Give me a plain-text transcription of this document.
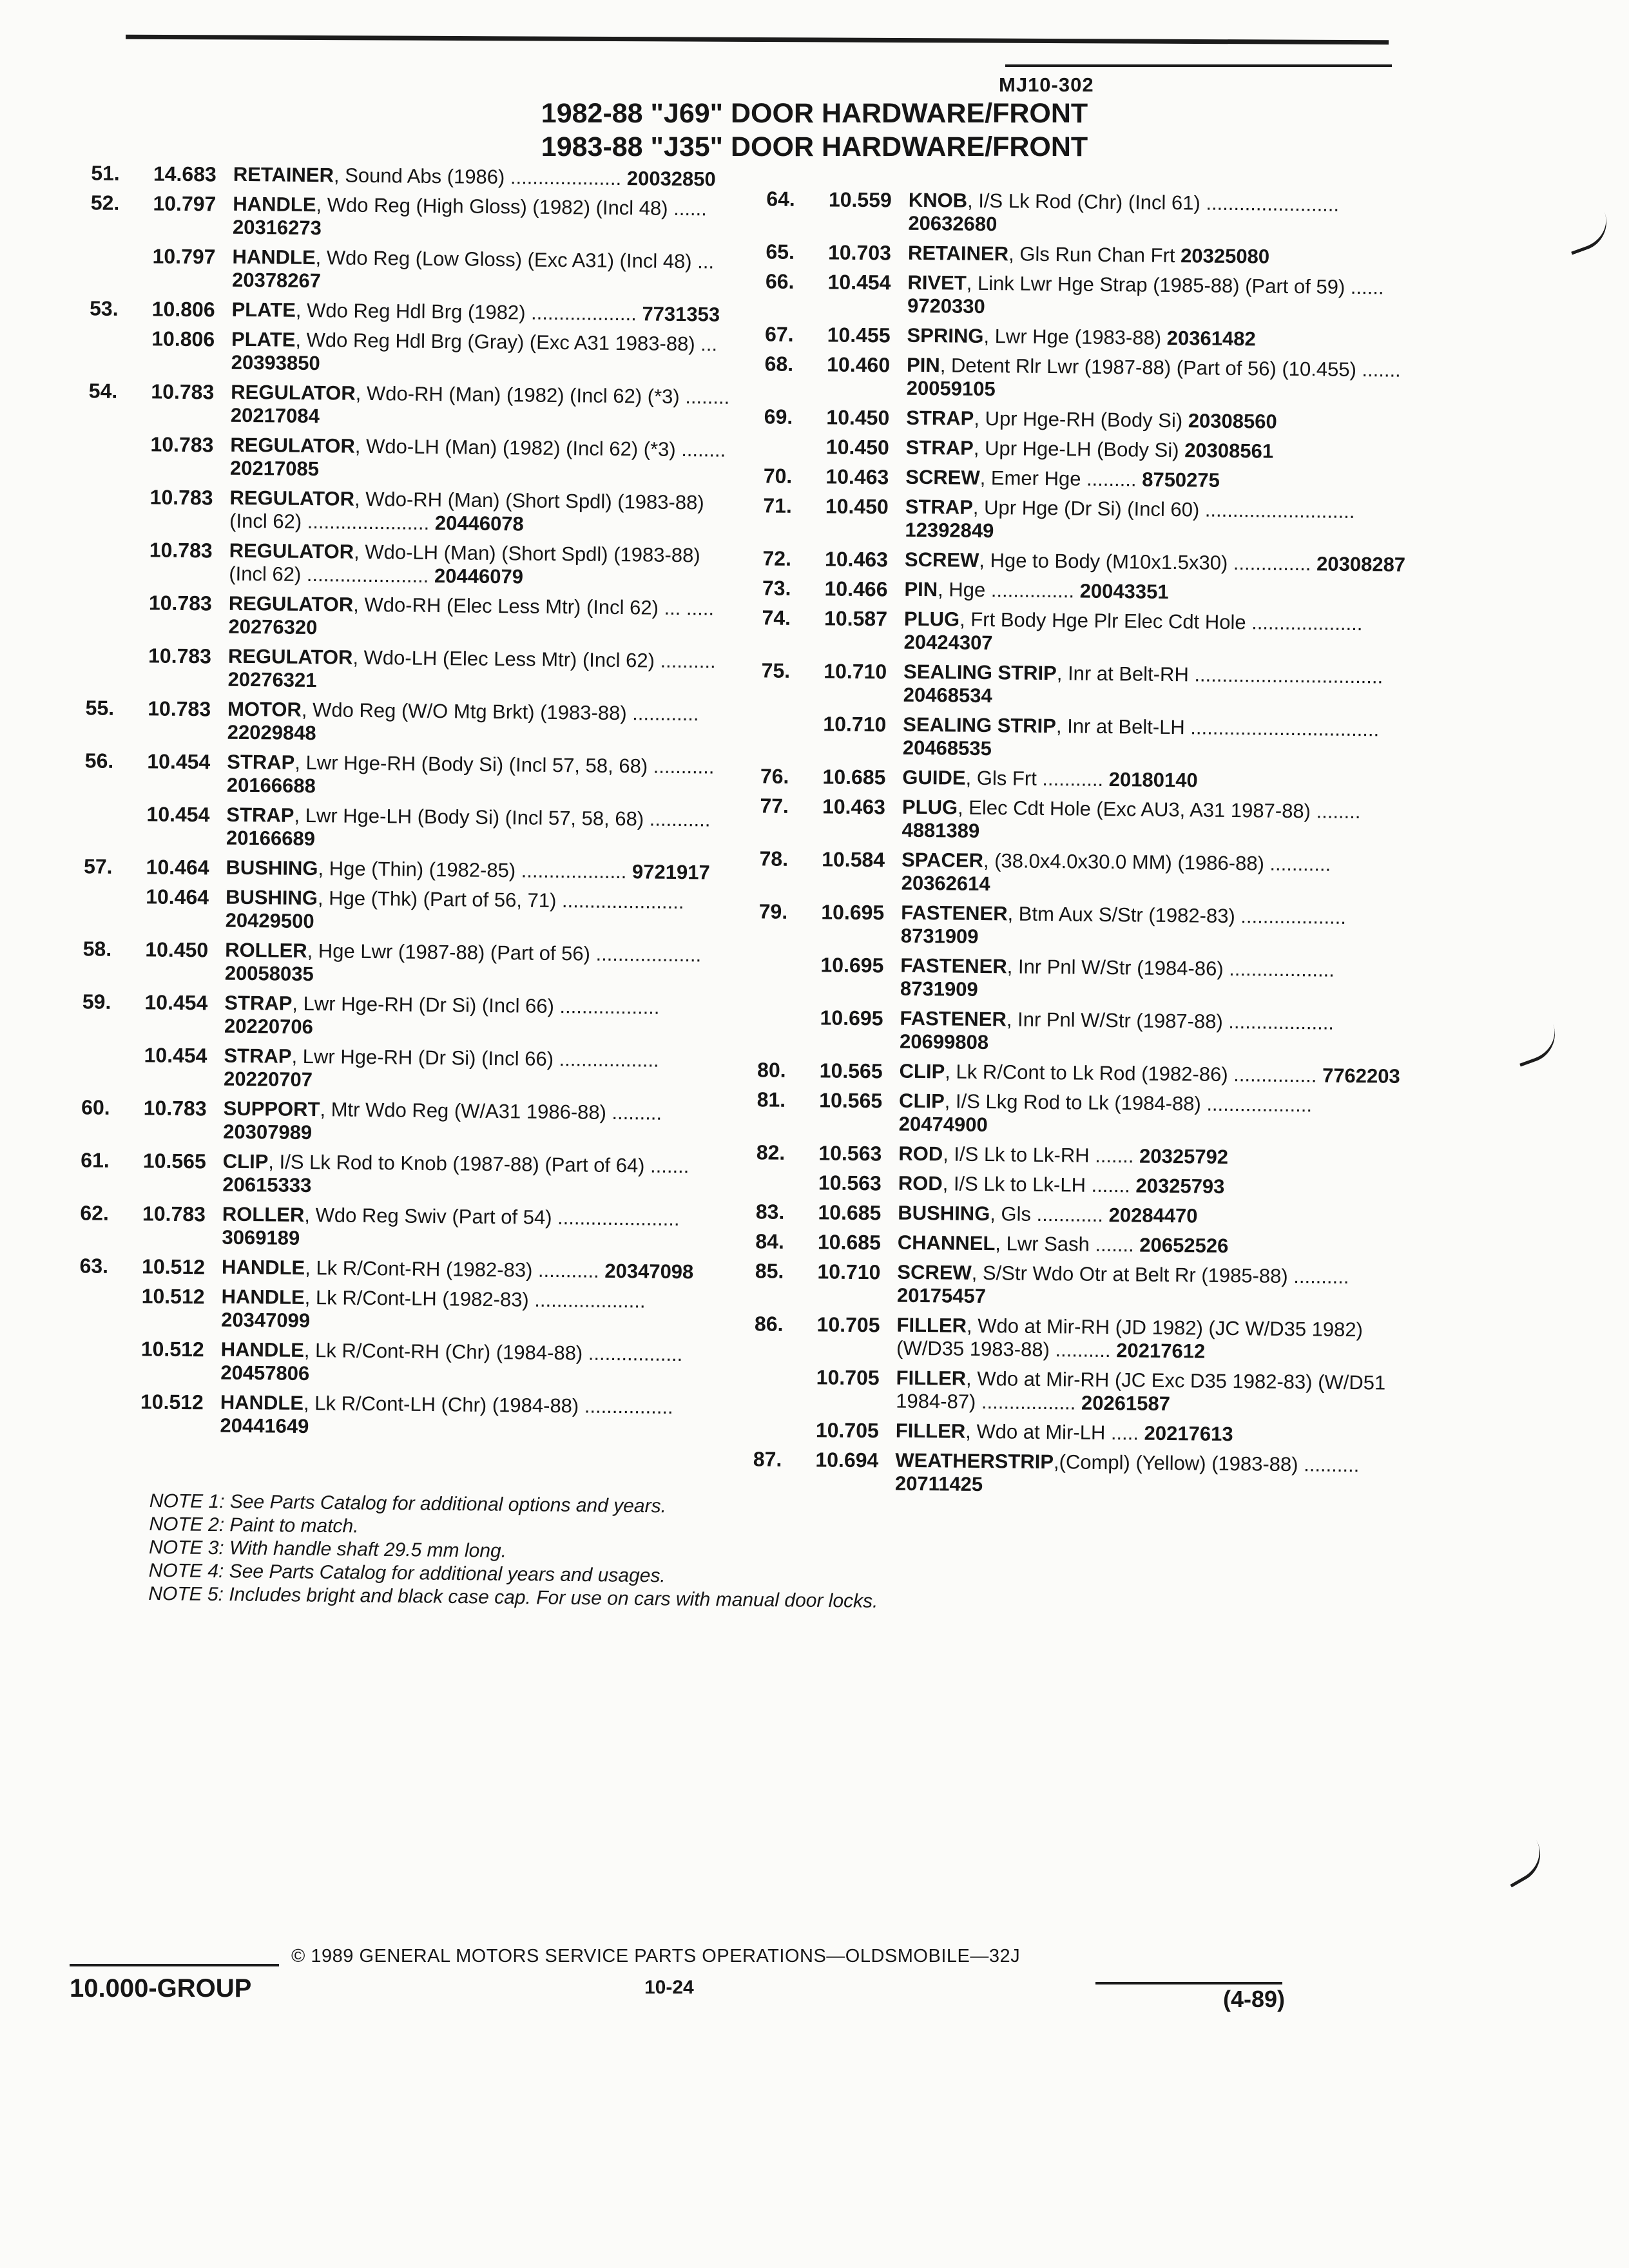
MJ10-302
1982-88 "J69" DOOR HARDWARE/FRONT
1983-88 "J35" DOOR HARDWARE/FRONT
51.	14.683 RETAINER, Sound Abs (1986) .................... 20032850
52.	10.797 HANDLE, Wdo Reg (High Gloss) (1982) (Incl 48) ...... 20316273
10.797 HANDLE, Wdo Reg (Low Gloss) (Exc A31) (Incl 48) ... 20378267
53.	10.806 PLATE, Wdo Reg Hdl Brg (1982) ................... 7731353
10.806 PLATE, Wdo Reg Hdl Brg (Gray) (Exc A31 1983-88) ... 20393850
54.	10.783 REGULATOR, Wdo-RH (Man) (1982) (Incl 62) (*3) ........ 20217084
10.783 REGULATOR, Wdo-LH (Man) (1982) (Incl 62) (*3) ........ 20217085
10.783 REGULATOR, Wdo-RH (Man) (Short Spdl) (1983-88) (Incl 62) ...................... 20446078
10.783 REGULATOR, Wdo-LH (Man) (Short Spdl) (1983-88) (Incl 62) ...................... 20446079
10.783 REGULATOR, Wdo-RH (Elec Less Mtr) (Incl 62) ... ..... 20276320
10.783 REGULATOR, Wdo-LH (Elec Less Mtr) (Incl 62) .......... 20276321
55.	10.783 MOTOR, Wdo Reg (W/O Mtg Brkt) (1983-88) ............ 22029848
56.	10.454 STRAP, Lwr Hge-RH (Body Si) (Incl 57, 58, 68) ........... 20166688
10.454 STRAP, Lwr Hge-LH (Body Si) (Incl 57, 58, 68) ........... 20166689
57.	10.464 BUSHING, Hge (Thin) (1982-85) ................... 9721917
10.464 BUSHING, Hge (Thk) (Part of 56, 71) ...................... 20429500
58.	10.450 ROLLER, Hge Lwr (1987-88) (Part of 56) ................... 20058035
59.	10.454 STRAP, Lwr Hge-RH (Dr Si) (Incl 66) .................. 20220706
10.454 STRAP, Lwr Hge-RH (Dr Si) (Incl 66) .................. 20220707
60.	10.783 SUPPORT, Mtr Wdo Reg (W/A31 1986-88) ......... 20307989
61.	10.565 CLIP, I/S Lk Rod to Knob (1987-88) (Part of 64) ....... 20615333
62.	10.783 ROLLER, Wdo Reg Swiv (Part of 54) ...................... 3069189
63.	10.512 HANDLE, Lk R/Cont-RH (1982-83) ........... 20347098
10.512 HANDLE, Lk R/Cont-LH (1982-83) .................... 20347099
10.512 HANDLE, Lk R/Cont-RH (Chr) (1984-88) ................. 20457806
10.512 HANDLE, Lk R/Cont-LH (Chr) (1984-88) ................ 20441649
64.	10.559 KNOB, I/S Lk Rod (Chr) (Incl 61) ........................ 20632680
65.	10.703 RETAINER, Gls Run Chan Frt 20325080
66.	10.454 RIVET, Link Lwr Hge Strap (1985-88) (Part of 59) ...... 9720330
67.	10.455 SPRING, Lwr Hge (1983-88) 20361482
68.	10.460 PIN, Detent Rlr Lwr (1987-88) (Part of 56) (10.455) ....... 20059105
69.	10.450 STRAP, Upr Hge-RH (Body Si) 20308560
10.450 STRAP, Upr Hge-LH (Body Si) 20308561
70.	10.463 SCREW, Emer Hge ......... 8750275
71.	10.450 STRAP, Upr Hge (Dr Si) (Incl 60) ........................... 12392849
72.	10.463 SCREW, Hge to Body (M10x1.5x30) .............. 20308287
73.	10.466 PIN, Hge ............... 20043351
74.	10.587 PLUG, Frt Body Hge Plr Elec Cdt Hole .................... 20424307
75.	10.710 SEALING STRIP, Inr at Belt-RH .................................. 20468534
10.710 SEALING STRIP, Inr at Belt-LH .................................. 20468535
76.	10.685 GUIDE, Gls Frt ........... 20180140
77.	10.463 PLUG, Elec Cdt Hole (Exc AU3, A31 1987-88) ........ 4881389
78.	10.584 SPACER, (38.0x4.0x30.0 MM) (1986-88) ........... 20362614
79.	10.695 FASTENER, Btm Aux S/Str (1982-83) ................... 8731909
10.695 FASTENER, Inr Pnl W/Str (1984-86) ................... 8731909
10.695 FASTENER, Inr Pnl W/Str (1987-88) ................... 20699808
80.	10.565 CLIP, Lk R/Cont to Lk Rod (1982-86) ............... 7762203
81.	10.565 CLIP, I/S Lkg Rod to Lk (1984-88) ................... 20474900
82.	10.563 ROD, I/S Lk to Lk-RH ....... 20325792
10.563 ROD, I/S Lk to Lk-LH ....... 20325793
83.	10.685 BUSHING, Gls ............ 20284470
84.	10.685 CHANNEL, Lwr Sash ....... 20652526
85.	10.710 SCREW, S/Str Wdo Otr at Belt Rr (1985-88) .......... 20175457
86.	10.705 FILLER, Wdo at Mir-RH (JD 1982) (JC W/D35 1982) (W/D35 1983-88) .......... 20217612
10.705 FILLER, Wdo at Mir-RH (JC Exc D35 1982-83) (W/D51 1984-87) ................. 20261587
10.705 FILLER, Wdo at Mir-LH ..... 20217613
87.	10.694 WEATHERSTRIP,(Compl) (Yellow) (1983-88) .......... 20711425
NOTE 1: See Parts Catalog for additional options and years.
NOTE 2: Paint to match.
NOTE 3: With handle shaft 29.5 mm long.
NOTE 4: See Parts Catalog for additional years and usages.
NOTE 5: Includes bright and black case cap. For use on cars with manual door locks.
10.000-GROUP
© 1989 GENERAL MOTORS SERVICE PARTS OPERATIONS—OLDSMOBILE—32J
10-24	(4-89)
